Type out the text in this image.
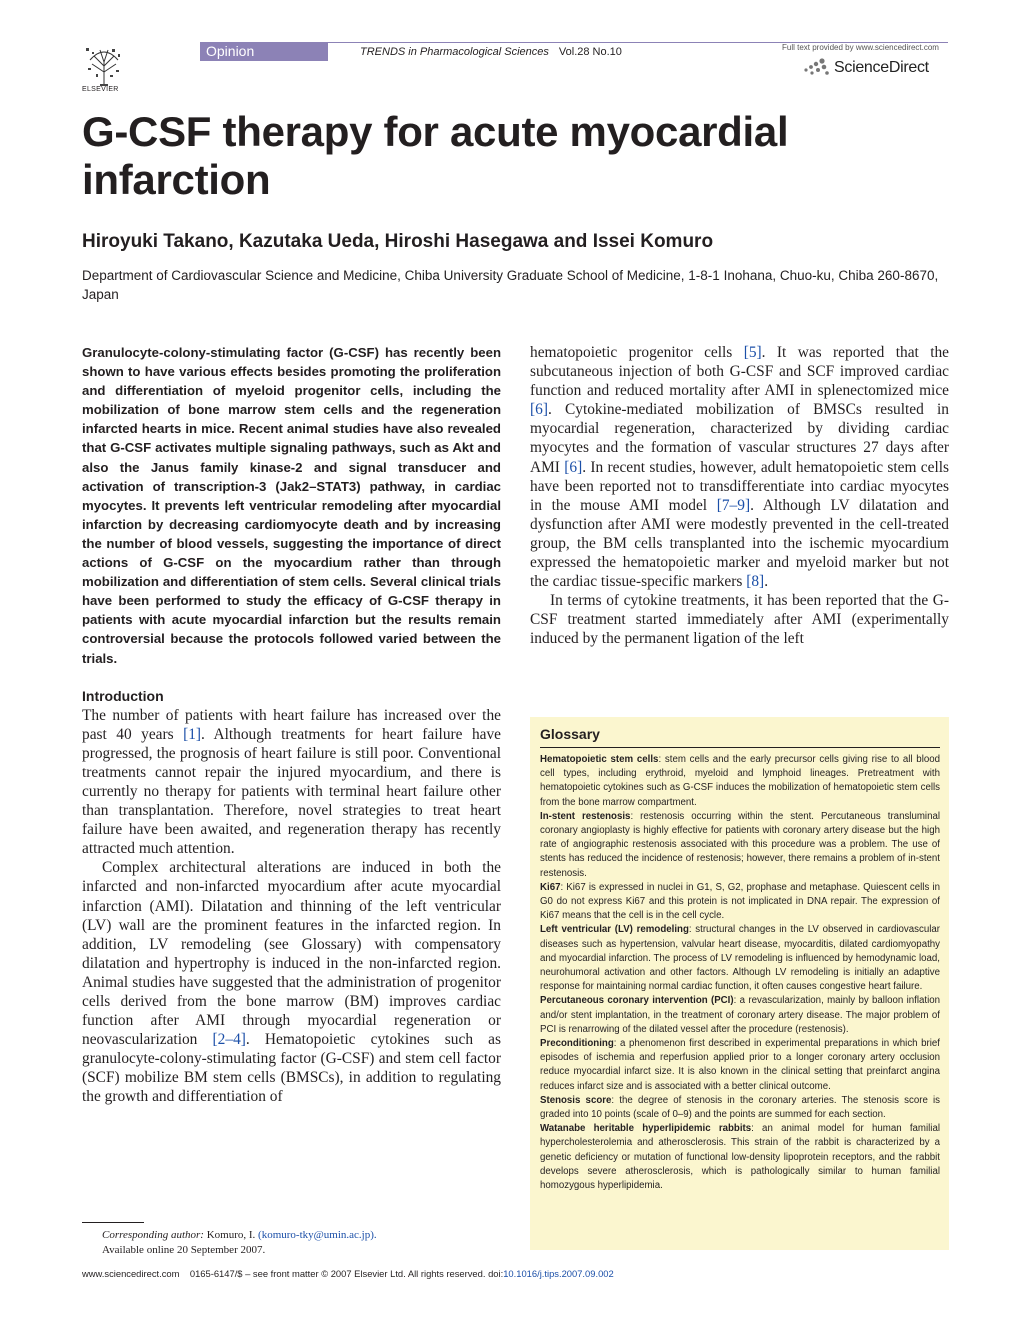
ELSEVIER
Opinion	TRENDS in Pharmacological Sciences Vol.28 No.10	Full text provided by www.sciencedirect.com
ScienceDirect
G-CSF therapy for acute myocardial infarction
Hiroyuki Takano, Kazutaka Ueda, Hiroshi Hasegawa and Issei Komuro
Department of Cardiovascular Science and Medicine, Chiba University Graduate School of Medicine, 1-8-1 Inohana, Chuo-ku, Chiba 260-8670, Japan

Granulocyte-colony-stimulating factor (G-CSF) has recently been shown to have various effects besides promoting the proliferation and differentiation of myeloid progenitor cells, including the mobilization of bone marrow stem cells and the regeneration infarcted hearts in mice. Recent animal studies have also revealed that G-CSF activates multiple signaling pathways, such as Akt and also the Janus family kinase-2 and signal transducer and activation of transcription-3 (Jak2–STAT3) pathway, in cardiac myocytes. It prevents left ventricular remodeling after myocardial infarction by decreasing cardiomyocyte death and by increasing the number of blood vessels, suggesting the importance of direct actions of G-CSF on the myocardium rather than through mobilization and differentiation of stem cells. Several clinical trials have been performed to study the efficacy of G-CSF therapy in patients with acute myocardial infarction but the results remain controversial because the protocols followed varied between the trials.

Introduction

The number of patients with heart failure has increased over the past 40 years [1]. Although treatments for heart failure have progressed, the prognosis of heart failure is still poor. Conventional treatments cannot repair the injured myocardium, and there is currently no therapy for patients with terminal heart failure other than transplantation. Therefore, novel strategies to treat heart failure have been awaited, and regeneration therapy has recently attracted much attention.

Complex architectural alterations are induced in both the infarcted and non-infarcted myocardium after acute myocardial infarction (AMI). Dilatation and thinning of the left ventricular (LV) wall are the prominent features in the infarcted region. In addition, LV remodeling (see Glossary) with compensatory dilatation and hypertrophy is induced in the non-infarcted region. Animal studies have suggested that the administration of progenitor cells derived from the bone marrow (BM) improves cardiac function after AMI through myocardial regeneration or neovascularization [2–4]. Hematopoietic cytokines such as granulocyte-colony-stimulating factor (G-CSF) and stem cell factor (SCF) mobilize BM stem cells (BMSCs), in addition to regulating the growth and differentiation of

Corresponding author: Komuro, I. (komuro-tky@umin.ac.jp).
Available online 20 September 2007.

hematopoietic progenitor cells [5]. It was reported that the subcutaneous injection of both G-CSF and SCF improved cardiac function and reduced mortality after AMI in splenectomized mice [6]. Cytokine-mediated mobilization of BMSCs resulted in myocardial regeneration, characterized by dividing cardiac myocytes and the formation of vascular structures 27 days after AMI [6]. In recent studies, however, adult hematopoietic stem cells have been reported not to transdifferentiate into cardiac myocytes in the mouse AMI model [7–9]. Although LV dilatation and dysfunction after AMI were modestly prevented in the cell-treated group, the BM cells transplanted into the ischemic myocardium expressed the hematopoietic marker and myeloid marker but not the cardiac tissue-specific markers [8].

In terms of cytokine treatments, it has been reported that the G-CSF treatment started immediately after AMI (experimentally induced by the permanent ligation of the left

Glossary
Hematopoietic stem cells: stem cells and the early precursor cells giving rise to all blood cell types, including erythroid, myeloid and lymphoid lineages. Pretreatment with hematopoietic cytokines such as G-CSF induces the mobilization of hematopoietic stem cells from the bone marrow compartment.
In-stent restenosis: restenosis occurring within the stent. Percutaneous transluminal coronary angioplasty is highly effective for patients with coronary artery disease but the high rate of angiographic restenosis associated with this procedure was a problem. The use of stents has reduced the incidence of restenosis; however, there remains a problem of in-stent restenosis.
Ki67: Ki67 is expressed in nuclei in G1, S, G2, prophase and metaphase. Quiescent cells in G0 do not express Ki67 and this protein is not implicated in DNA repair. The expression of Ki67 means that the cell is in the cell cycle.
Left ventricular (LV) remodeling: structural changes in the LV observed in cardiovascular diseases such as hypertension, valvular heart disease, myocarditis, dilated cardiomyopathy and myocardial infarction. The process of LV remodeling is influenced by hemodynamic load, neurohumoral activation and other factors. Although LV remodeling is initially an adaptive response for maintaining normal cardiac function, it often causes congestive heart failure.
Percutaneous coronary intervention (PCI): a revascularization, mainly by balloon inflation and/or stent implantation, in the treatment of coronary artery disease. The major problem of PCI is renarrowing of the dilated vessel after the procedure (restenosis).
Preconditioning: a phenomenon first described in experimental preparations in which brief episodes of ischemia and reperfusion applied prior to a longer coronary artery occlusion reduce myocardial infarct size. It is also known in the clinical setting that preinfarct angina reduces infarct size and is associated with a better clinical outcome.
Stenosis score: the degree of stenosis in the coronary arteries. The stenosis score is graded into 10 points (scale of 0–9) and the points are summed for each section.
Watanabe heritable hyperlipidemic rabbits: an animal model for human familial hypercholesterolemia and atherosclerosis. This strain of the rabbit is characterized by a genetic deficiency or mutation of functional low-density lipoprotein receptors, and the rabbit develops severe atherosclerosis, which is pathologically similar to human familial homozygous hyperlipidemia.
www.sciencedirect.com 0165-6147/$ – see front matter © 2007 Elsevier Ltd. All rights reserved. doi:10.1016/j.tips.2007.09.002
